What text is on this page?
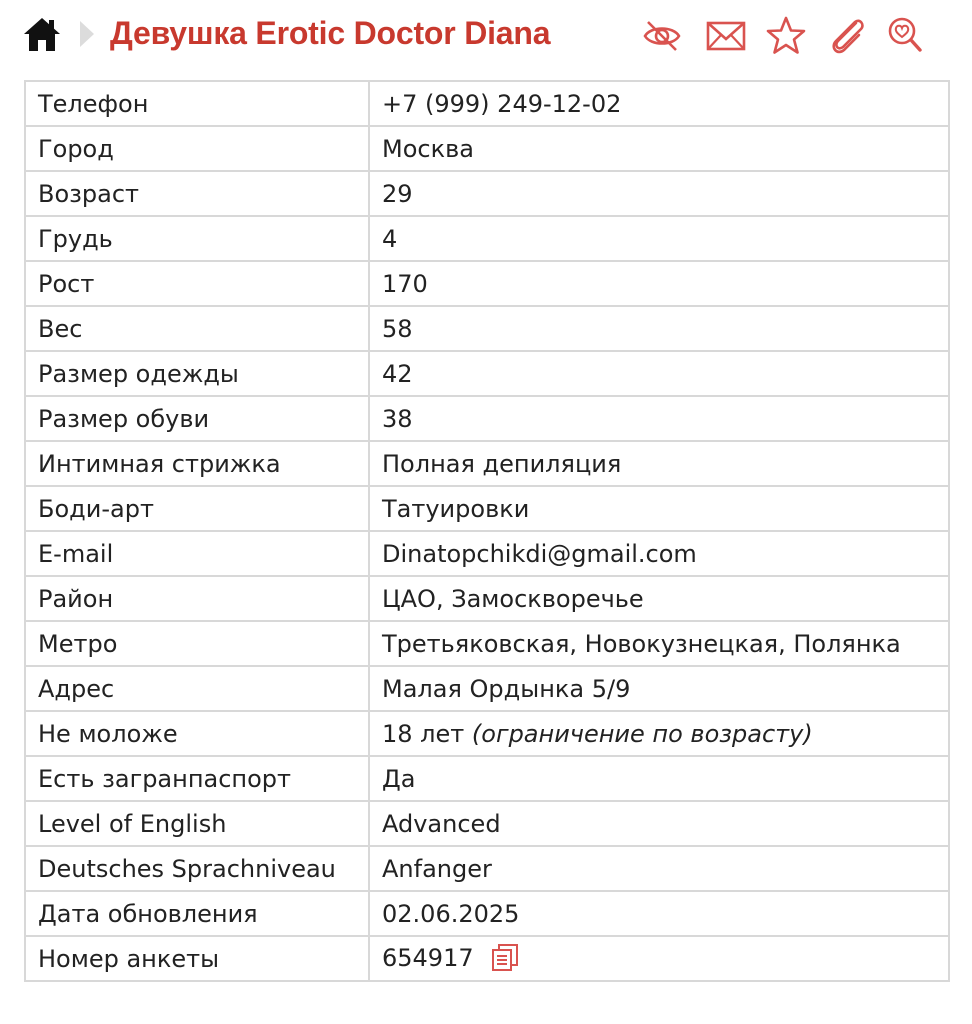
Девушка Erotic Doctor Diana
Телефон	+7 (999) 249-12-02
Город	Москва
Возраст	29
Грудь	4
Рост	170
Вес	58
Размер одежды	42
Размер обуви	38
Интимная стрижка	Полная депиляция
Боди-арт	Татуировки
E-mail	Dinatopchikdi@gmail.com
Район	ЦАО, Замоскворечье
Метро	Третьяковская, Новокузнецкая, Полянка
Адрес	Малая Ордынка 5/9
Не моложе	18 лет (ограничение по возрасту)
Есть загранпаспорт	Да
Level of English	Advanced
Deutsches Sprachniveau	Anfanger
Дата обновления	02.06.2025
Номер анкеты	654917
